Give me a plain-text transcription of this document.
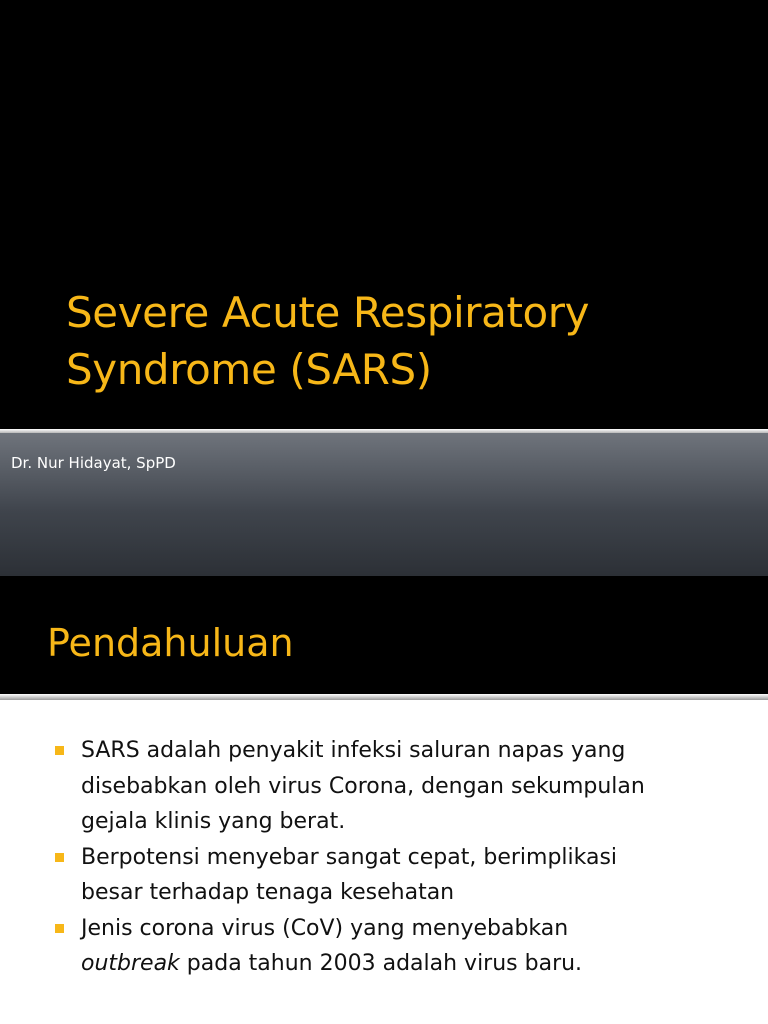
Severe Acute Respiratory
Syndrome (SARS)

Dr. Nur Hidayat, SpPD

Pendahuluan
SARS adalah penyakit infeksi saluran napas yang
disebabkan oleh virus Corona, dengan sekumpulan
gejala klinis yang berat.
Berpotensi menyebar sangat cepat, berimplikasi
besar terhadap tenaga kesehatan
Jenis corona virus (CoV) yang menyebabkan
outbreak pada tahun 2003 adalah virus baru.
